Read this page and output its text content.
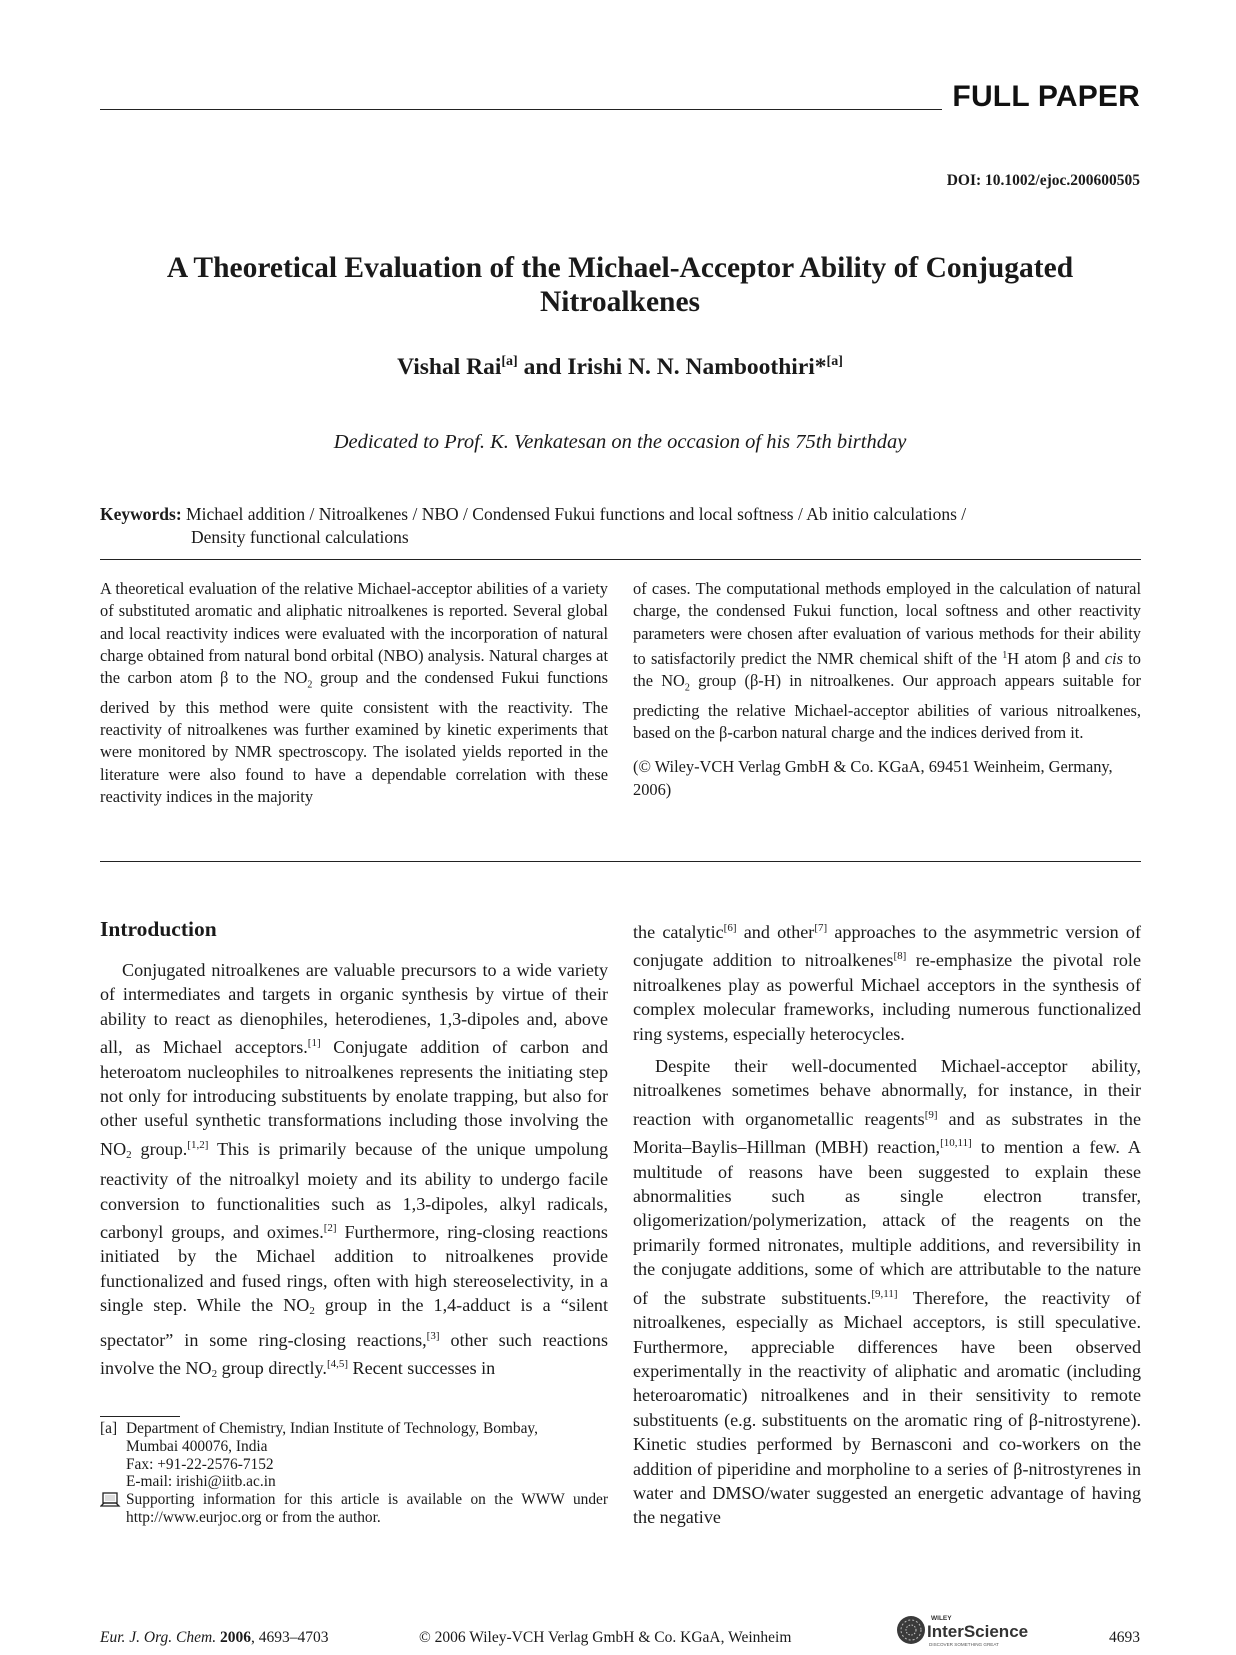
FULL PAPER
DOI: 10.1002/ejoc.200600505
A Theoretical Evaluation of the Michael-Acceptor Ability of Conjugated Nitroalkenes
Vishal Rai[a] and Irishi N. N. Namboothiri*[a]
Dedicated to Prof. K. Venkatesan on the occasion of his 75th birthday
Keywords: Michael addition / Nitroalkenes / NBO / Condensed Fukui functions and local softness / Ab initio calculations /
Density functional calculations
A theoretical evaluation of the relative Michael-acceptor abilities of a variety of substituted aromatic and aliphatic nitroalkenes is reported. Several global and local reactivity indices were evaluated with the incorporation of natural charge obtained from natural bond orbital (NBO) analysis. Natural charges at the carbon atom β to the $NO_2$ group and the condensed Fukui functions derived by this method were quite consistent with the reactivity. The reactivity of nitroalkenes was further examined by kinetic experiments that were monitored by NMR spectroscopy. The isolated yields reported in the literature were also found to have a dependable correlation with these reactivity indices in the majority
of cases. The computational methods employed in the calculation of natural charge, the condensed Fukui function, local softness and other reactivity parameters were chosen after evaluation of various methods for their ability to satisfactorily predict the NMR chemical shift of the $^1$H atom β and cis to the $NO_2$ group (β-H) in nitroalkenes. Our approach appears suitable for predicting the relative Michael-acceptor abilities of various nitroalkenes, based on the β-carbon natural charge and the indices derived from it.
(© Wiley-VCH Verlag GmbH & Co. KGaA, 69451 Weinheim, Germany, 2006)
Introduction

Conjugated nitroalkenes are valuable precursors to a wide variety of intermediates and targets in organic synthesis by virtue of their ability to react as dienophiles, heterodienes, 1,3-dipoles and, above all, as Michael acceptors.[1] Conjugate addition of carbon and heteroatom nucleophiles to nitroalkenes represents the initiating step not only for introducing substituents by enolate trapping, but also for other useful synthetic transformations including those involving the $NO_2$ group.[1,2] This is primarily because of the unique umpolung reactivity of the nitroalkyl moiety and its ability to undergo facile conversion to functionalities such as 1,3-dipoles, alkyl radicals, carbonyl groups, and oximes.[2] Furthermore, ring-closing reactions initiated by the Michael addition to nitroalkenes provide functionalized and fused rings, often with high stereoselectivity, in a single step. While the $NO_2$ group in the 1,4-adduct is a “silent spectator” in some ring-closing reactions,[3] other such reactions involve the $NO_2$ group directly.[4,5] Recent successes in

the catalytic[6] and other[7] approaches to the asymmetric version of conjugate addition to nitroalkenes[8] re-emphasize the pivotal role nitroalkenes play as powerful Michael acceptors in the synthesis of complex molecular frameworks, including numerous functionalized ring systems, especially heterocycles.

Despite their well-documented Michael-acceptor ability, nitroalkenes sometimes behave abnormally, for instance, in their reaction with organometallic reagents[9] and as substrates in the Morita–Baylis–Hillman (MBH) reaction,[10,11] to mention a few. A multitude of reasons have been suggested to explain these abnormalities such as single electron transfer, oligomerization/polymerization, attack of the reagents on the primarily formed nitronates, multiple additions, and reversibility in the conjugate additions, some of which are attributable to the nature of the substrate substituents.[9,11] Therefore, the reactivity of nitroalkenes, especially as Michael acceptors, is still speculative. Furthermore, appreciable differences have been observed experimentally in the reactivity of aliphatic and aromatic (including heteroaromatic) nitroalkenes and in their sensitivity to remote substituents (e.g. substituents on the aromatic ring of β-nitrostyrene). Kinetic studies performed by Bernasconi and co-workers on the addition of piperidine and morpholine to a series of β-nitrostyrenes in water and DMSO/water suggested an energetic advantage of having the negative

[a] Department of Chemistry, Indian Institute of Technology, Bombay,
Mumbai 400076, India
Fax: +91-22-2576-7152
E-mail: irishi@iitb.ac.in
Supporting information for this article is available on the WWW under http://www.eurjoc.org or from the author.
Eur. J. Org. Chem. 2006, 4693–4703	© 2006 Wiley-VCH Verlag GmbH & Co. KGaA, Weinheim
WILEY
InterScience
DISCOVER SOMETHING GREAT	4693
